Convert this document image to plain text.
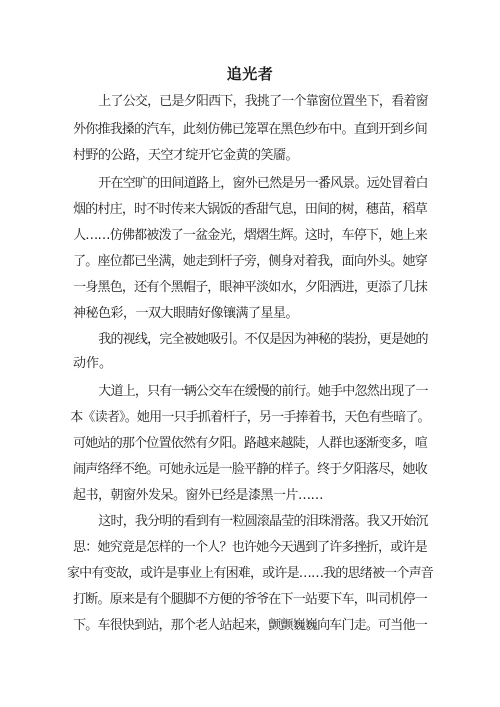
追光者
上了公交，已是夕阳西下，我挑了一个靠窗位置坐下，看着窗
外你推我搡的汽车，此刻仿佛已笼罩在黑色纱布中。直到开到乡间
村野的公路，天空才绽开它金黄的笑靥。
开在空旷的田间道路上，窗外已然是另一番风景。远处冒着白
烟的村庄，时不时传来大锅饭的香甜气息，田间的树，穗苗，稻草
人……仿佛都被泼了一盆金光，熠熠生辉。这时，车停下，她上来
了。座位都已坐满，她走到杆子旁，侧身对着我，面向外头。她穿
一身黑色，还有个黑帽子，眼神平淡如水，夕阳洒进，更添了几抹
神秘色彩，一双大眼睛好像镶满了星星。
我的视线，完全被她吸引。不仅是因为神秘的装扮，更是她的
动作。
大道上，只有一辆公交车在缓慢的前行。她手中忽然出现了一
本《读者》。她用一只手抓着杆子，另一手捧着书，天色有些暗了。
可她站的那个位置依然有夕阳。路越来越陡，人群也逐渐变多，喧
闹声络绎不绝。可她永远是一脸平静的样子。终于夕阳落尽，她收
起书，朝窗外发呆。窗外已经是漆黑一片……
这时，我分明的看到有一粒圆滚晶莹的泪珠滑落。我又开始沉
思：她究竟是怎样的一个人？也许她今天遇到了许多挫折，或许是
家中有变故，或许是事业上有困难，或许是……我的思绪被一个声音
打断。原来是有个腿脚不方便的爷爷在下一站要下车，叫司机停一
下。车很快到站，那个老人站起来，颤颤巍巍向车门走。可当他一
